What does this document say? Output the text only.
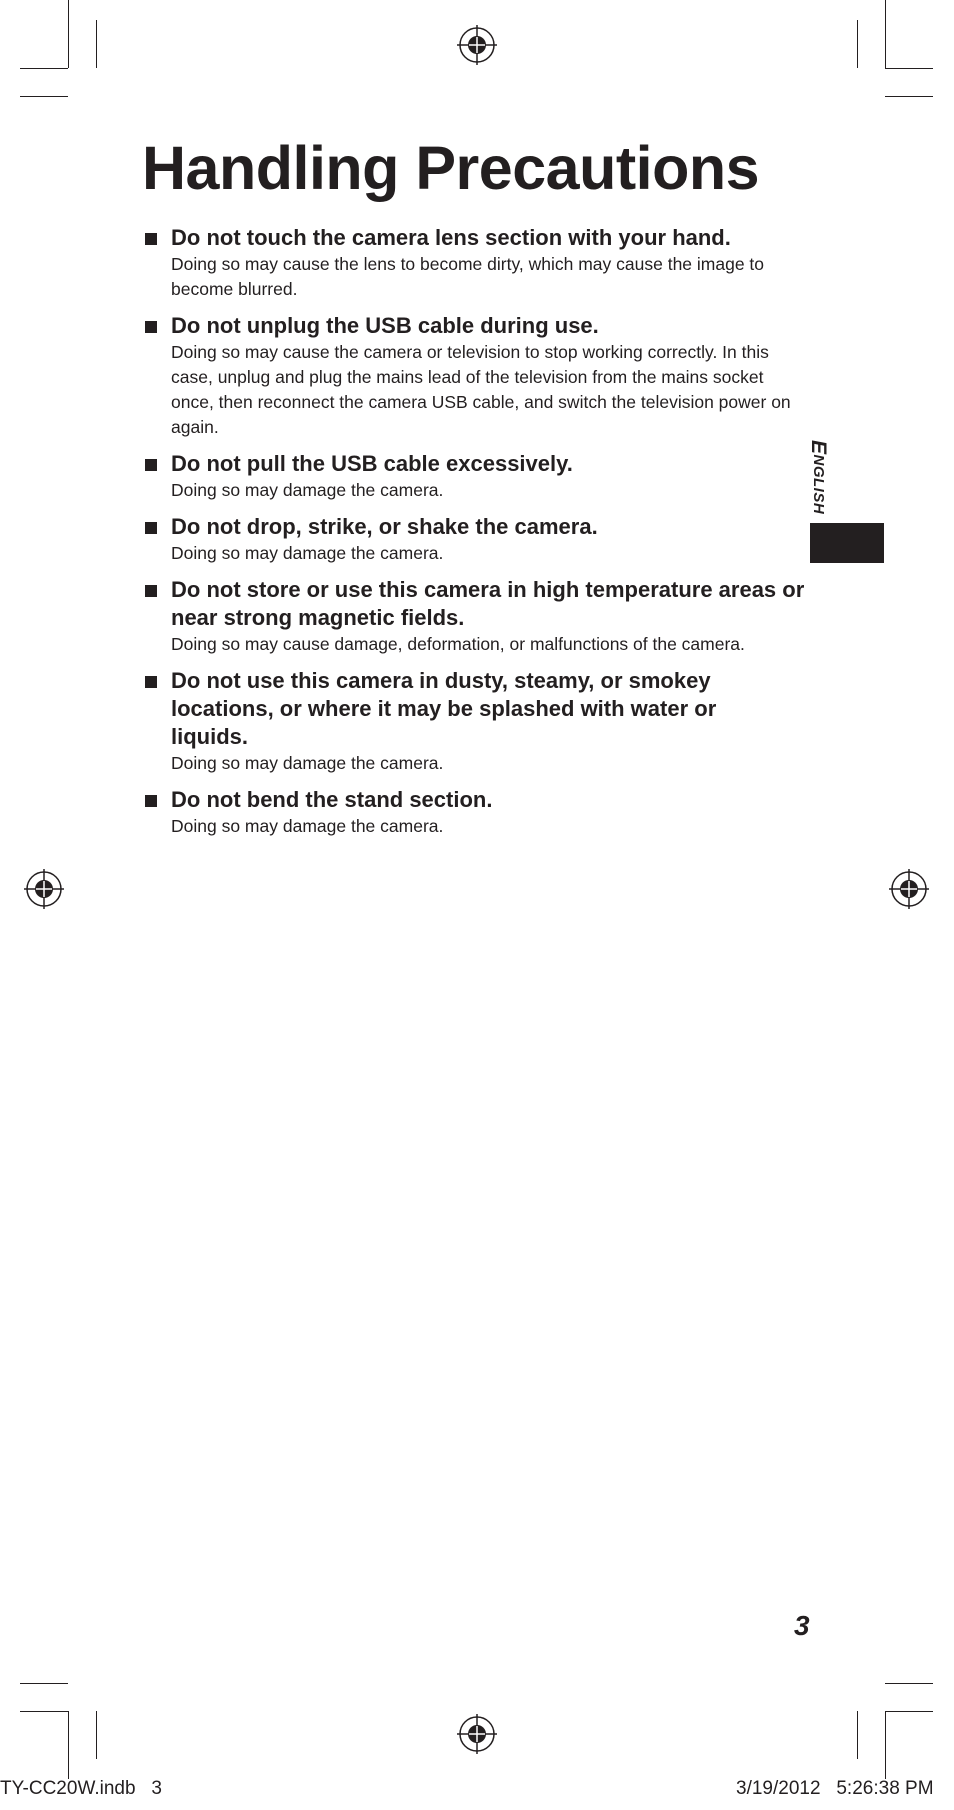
Handling Precautions

Do not touch the camera lens section with your hand.

Doing so may cause the lens to become dirty, which may cause the image to become blurred.

Do not unplug the USB cable during use.

Doing so may cause the camera or television to stop working correctly. In this case, unplug and plug the mains lead of the television from the mains socket once, then reconnect the camera USB cable, and switch the television power on again.

Do not pull the USB cable excessively.

Doing so may damage the camera.

Do not drop, strike, or shake the camera.

Doing so may damage the camera.

Do not store or use this camera in high temperature areas or near strong magnetic fields.

Doing so may cause damage, deformation, or malfunctions of the camera.

Do not use this camera in dusty, steamy, or smokey locations, or where it may be splashed with water or liquids.

Doing so may damage the camera.

Do not bend the stand section.

Doing so may damage the camera.

ENGLISH
3
TY-CC20W.indb   3	3/19/2012   5:26:38 PM
